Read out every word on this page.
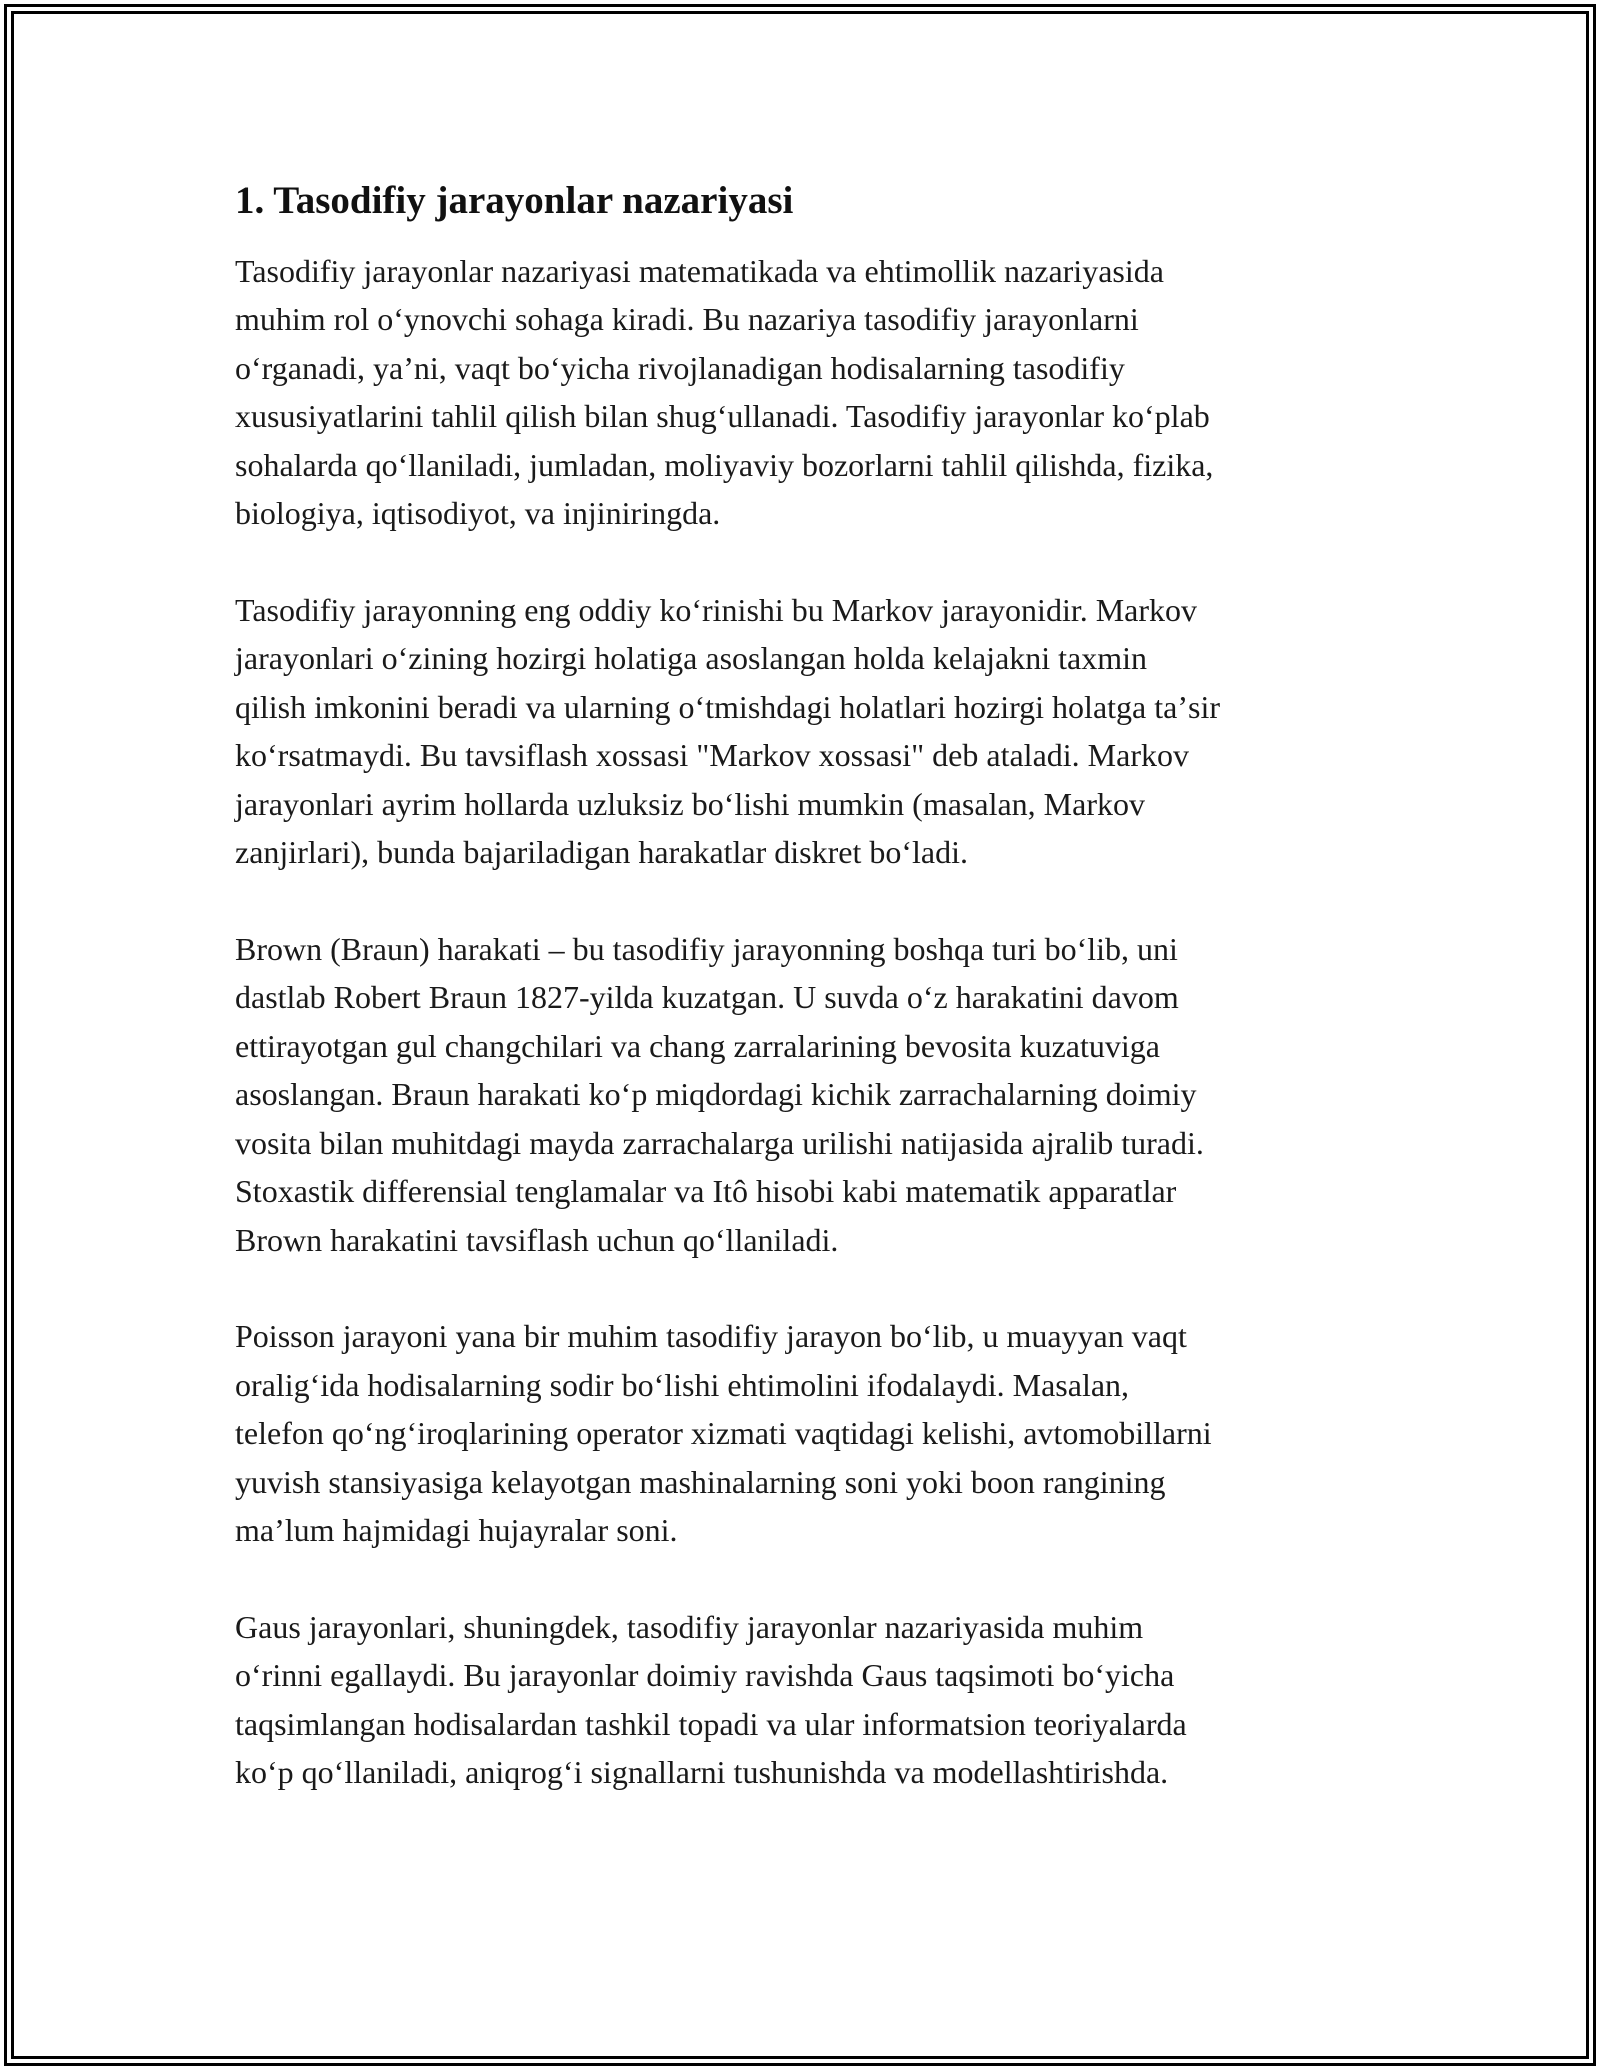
1. Tasodifiy jarayonlar nazariyasi

Tasodifiy jarayonlar nazariyasi matematikada va ehtimollik nazariyasida
muhim rol oʻynovchi sohaga kiradi. Bu nazariya tasodifiy jarayonlarni
oʻrganadi, yaʼni, vaqt boʻyicha rivojlanadigan hodisalarning tasodifiy
xususiyatlarini tahlil qilish bilan shugʻullanadi. Tasodifiy jarayonlar koʻplab
sohalarda qoʻllaniladi, jumladan, moliyaviy bozorlarni tahlil qilishda, fizika,
biologiya, iqtisodiyot, va injiniringda.

Tasodifiy jarayonning eng oddiy koʻrinishi bu Markov jarayonidir. Markov
jarayonlari oʻzining hozirgi holatiga asoslangan holda kelajakni taxmin
qilish imkonini beradi va ularning oʻtmishdagi holatlari hozirgi holatga taʼsir
koʻrsatmaydi. Bu tavsiflash xossasi "Markov xossasi" deb ataladi. Markov
jarayonlari ayrim hollarda uzluksiz boʻlishi mumkin (masalan, Markov
zanjirlari), bunda bajariladigan harakatlar diskret boʻladi.

Brown (Braun) harakati – bu tasodifiy jarayonning boshqa turi boʻlib, uni
dastlab Robert Braun 1827-yilda kuzatgan. U suvda oʻz harakatini davom
ettirayotgan gul changchilari va chang zarralarining bevosita kuzatuviga
asoslangan. Braun harakati koʻp miqdordagi kichik zarrachalarning doimiy
vosita bilan muhitdagi mayda zarrachalarga urilishi natijasida ajralib turadi.
Stoxastik differensial tenglamalar va Itô hisobi kabi matematik apparatlar
Brown harakatini tavsiflash uchun qoʻllaniladi.

Poisson jarayoni yana bir muhim tasodifiy jarayon boʻlib, u muayyan vaqt
oraligʻida hodisalarning sodir boʻlishi ehtimolini ifodalaydi. Masalan,
telefon qoʻngʻiroqlarining operator xizmati vaqtidagi kelishi, avtomobillarni
yuvish stansiyasiga kelayotgan mashinalarning soni yoki boon rangining
maʼlum hajmidagi hujayralar soni.

Gaus jarayonlari, shuningdek, tasodifiy jarayonlar nazariyasida muhim
oʻrinni egallaydi. Bu jarayonlar doimiy ravishda Gaus taqsimoti boʻyicha
taqsimlangan hodisalardan tashkil topadi va ular informatsion teoriyalarda
koʻp qoʻllaniladi, aniqrogʻi signallarni tushunishda va modellashtirishda.
